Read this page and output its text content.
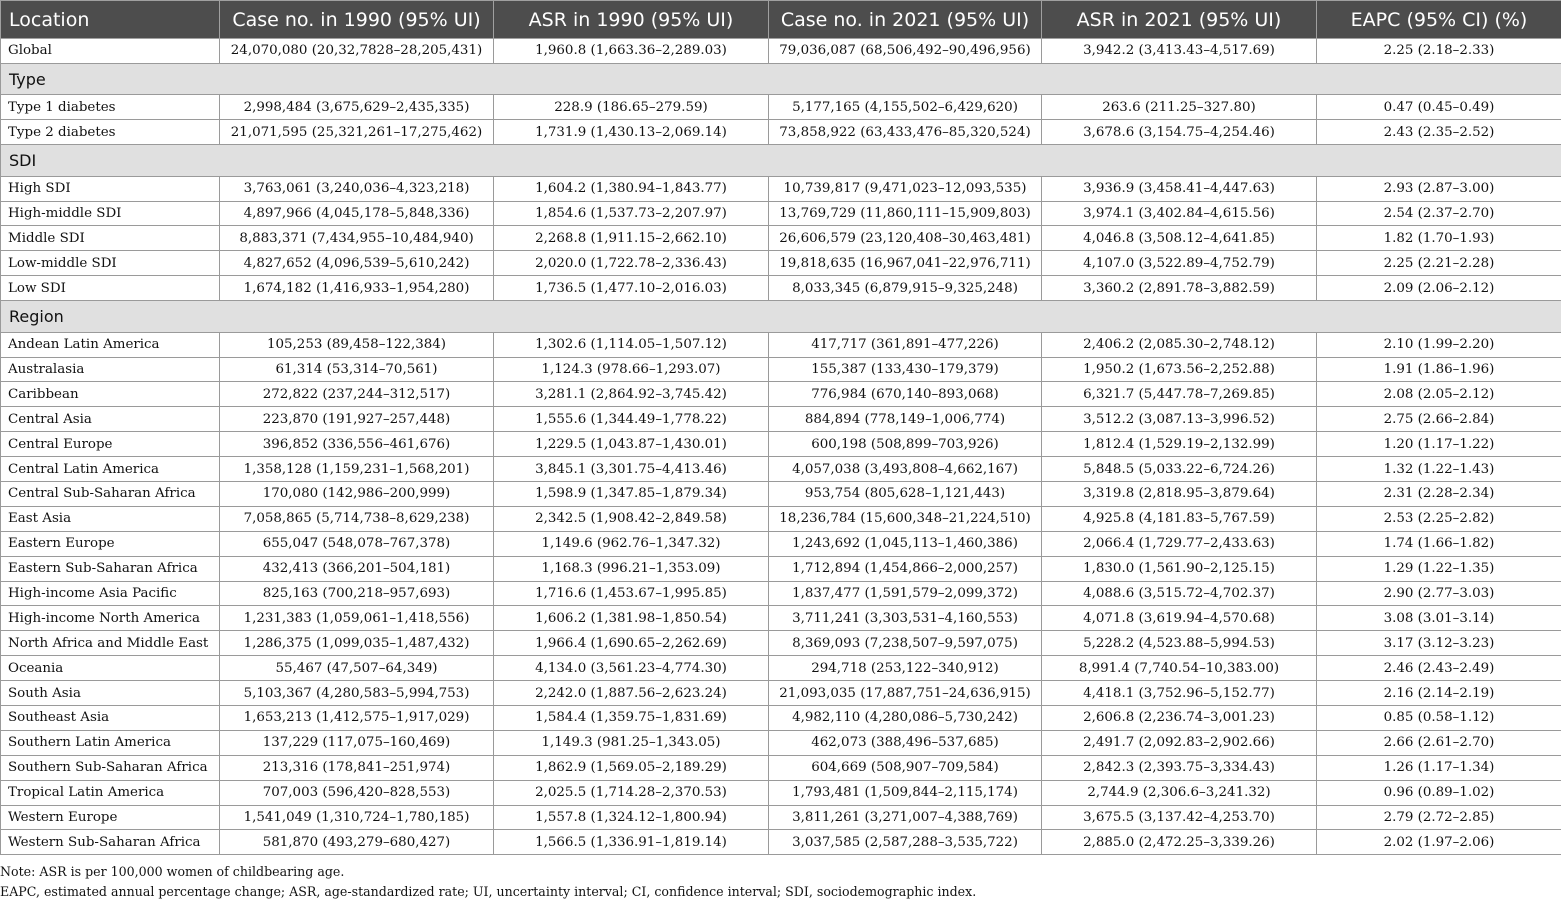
Location	Case no. in 1990 (95% UI)	ASR in 1990 (95% UI)	Case no. in 2021 (95% UI)	ASR in 2021 (95% UI)	EAPC (95% CI) (%)
Global	24,070,080 (20,32,7828–28,205,431)	1,960.8 (1,663.36–2,289.03)	79,036,087 (68,506,492–90,496,956)	3,942.2 (3,413.43–4,517.69)	2.25 (2.18–2.33)
Type					
Type 1 diabetes	2,998,484 (3,675,629–2,435,335)	228.9 (186.65–279.59)	5,177,165 (4,155,502–6,429,620)	263.6 (211.25–327.80)	0.47 (0.45–0.49)
Type 2 diabetes	21,071,595 (25,321,261–17,275,462)	1,731.9 (1,430.13–2,069.14)	73,858,922 (63,433,476–85,320,524)	3,678.6 (3,154.75–4,254.46)	2.43 (2.35–2.52)
SDI					
High SDI	3,763,061 (3,240,036–4,323,218)	1,604.2 (1,380.94–1,843.77)	10,739,817 (9,471,023–12,093,535)	3,936.9 (3,458.41–4,447.63)	2.93 (2.87–3.00)
High-middle SDI	4,897,966 (4,045,178–5,848,336)	1,854.6 (1,537.73–2,207.97)	13,769,729 (11,860,111–15,909,803)	3,974.1 (3,402.84–4,615.56)	2.54 (2.37–2.70)
Middle SDI	8,883,371 (7,434,955–10,484,940)	2,268.8 (1,911.15–2,662.10)	26,606,579 (23,120,408–30,463,481)	4,046.8 (3,508.12–4,641.85)	1.82 (1.70–1.93)
Low-middle SDI	4,827,652 (4,096,539–5,610,242)	2,020.0 (1,722.78–2,336.43)	19,818,635 (16,967,041–22,976,711)	4,107.0 (3,522.89–4,752.79)	2.25 (2.21–2.28)
Low SDI	1,674,182 (1,416,933–1,954,280)	1,736.5 (1,477.10–2,016.03)	8,033,345 (6,879,915–9,325,248)	3,360.2 (2,891.78–3,882.59)	2.09 (2.06–2.12)
Region					
Andean Latin America	105,253 (89,458–122,384)	1,302.6 (1,114.05–1,507.12)	417,717 (361,891–477,226)	2,406.2 (2,085.30–2,748.12)	2.10 (1.99–2.20)
Australasia	61,314 (53,314–70,561)	1,124.3 (978.66–1,293.07)	155,387 (133,430–179,379)	1,950.2 (1,673.56–2,252.88)	1.91 (1.86–1.96)
Caribbean	272,822 (237,244–312,517)	3,281.1 (2,864.92–3,745.42)	776,984 (670,140–893,068)	6,321.7 (5,447.78–7,269.85)	2.08 (2.05–2.12)
Central Asia	223,870 (191,927–257,448)	1,555.6 (1,344.49–1,778.22)	884,894 (778,149–1,006,774)	3,512.2 (3,087.13–3,996.52)	2.75 (2.66–2.84)
Central Europe	396,852 (336,556–461,676)	1,229.5 (1,043.87–1,430.01)	600,198 (508,899–703,926)	1,812.4 (1,529.19–2,132.99)	1.20 (1.17–1.22)
Central Latin America	1,358,128 (1,159,231–1,568,201)	3,845.1 (3,301.75–4,413.46)	4,057,038 (3,493,808–4,662,167)	5,848.5 (5,033.22–6,724.26)	1.32 (1.22–1.43)
Central Sub-Saharan Africa	170,080 (142,986–200,999)	1,598.9 (1,347.85–1,879.34)	953,754 (805,628–1,121,443)	3,319.8 (2,818.95–3,879.64)	2.31 (2.28–2.34)
East Asia	7,058,865 (5,714,738–8,629,238)	2,342.5 (1,908.42–2,849.58)	18,236,784 (15,600,348–21,224,510)	4,925.8 (4,181.83–5,767.59)	2.53 (2.25–2.82)
Eastern Europe	655,047 (548,078–767,378)	1,149.6 (962.76–1,347.32)	1,243,692 (1,045,113–1,460,386)	2,066.4 (1,729.77–2,433.63)	1.74 (1.66–1.82)
Eastern Sub-Saharan Africa	432,413 (366,201–504,181)	1,168.3 (996.21–1,353.09)	1,712,894 (1,454,866–2,000,257)	1,830.0 (1,561.90–2,125.15)	1.29 (1.22–1.35)
High-income Asia Pacific	825,163 (700,218–957,693)	1,716.6 (1,453.67–1,995.85)	1,837,477 (1,591,579–2,099,372)	4,088.6 (3,515.72–4,702.37)	2.90 (2.77–3.03)
High-income North America	1,231,383 (1,059,061–1,418,556)	1,606.2 (1,381.98–1,850.54)	3,711,241 (3,303,531–4,160,553)	4,071.8 (3,619.94–4,570.68)	3.08 (3.01–3.14)
North Africa and Middle East	1,286,375 (1,099,035–1,487,432)	1,966.4 (1,690.65–2,262.69)	8,369,093 (7,238,507–9,597,075)	5,228.2 (4,523.88–5,994.53)	3.17 (3.12–3.23)
Oceania	55,467 (47,507–64,349)	4,134.0 (3,561.23–4,774.30)	294,718 (253,122–340,912)	8,991.4 (7,740.54–10,383.00)	2.46 (2.43–2.49)
South Asia	5,103,367 (4,280,583–5,994,753)	2,242.0 (1,887.56–2,623.24)	21,093,035 (17,887,751–24,636,915)	4,418.1 (3,752.96–5,152.77)	2.16 (2.14–2.19)
Southeast Asia	1,653,213 (1,412,575–1,917,029)	1,584.4 (1,359.75–1,831.69)	4,982,110 (4,280,086–5,730,242)	2,606.8 (2,236.74–3,001.23)	0.85 (0.58–1.12)
Southern Latin America	137,229 (117,075–160,469)	1,149.3 (981.25–1,343.05)	462,073 (388,496–537,685)	2,491.7 (2,092.83–2,902.66)	2.66 (2.61–2.70)
Southern Sub-Saharan Africa	213,316 (178,841–251,974)	1,862.9 (1,569.05–2,189.29)	604,669 (508,907–709,584)	2,842.3 (2,393.75–3,334.43)	1.26 (1.17–1.34)
Tropical Latin America	707,003 (596,420–828,553)	2,025.5 (1,714.28–2,370.53)	1,793,481 (1,509,844–2,115,174)	2,744.9 (2,306.6–3,241.32)	0.96 (0.89–1.02)
Western Europe	1,541,049 (1,310,724–1,780,185)	1,557.8 (1,324.12–1,800.94)	3,811,261 (3,271,007–4,388,769)	3,675.5 (3,137.42–4,253.70)	2.79 (2.72–2.85)
Western Sub-Saharan Africa	581,870 (493,279–680,427)	1,566.5 (1,336.91–1,819.14)	3,037,585 (2,587,288–3,535,722)	2,885.0 (2,472.25–3,339.26)	2.02 (1.97–2.06)

Note: ASR is per 100,000 women of childbearing age.

EAPC, estimated annual percentage change; ASR, age-standardized rate; UI, uncertainty interval; CI, confidence interval; SDI, sociodemographic index.
